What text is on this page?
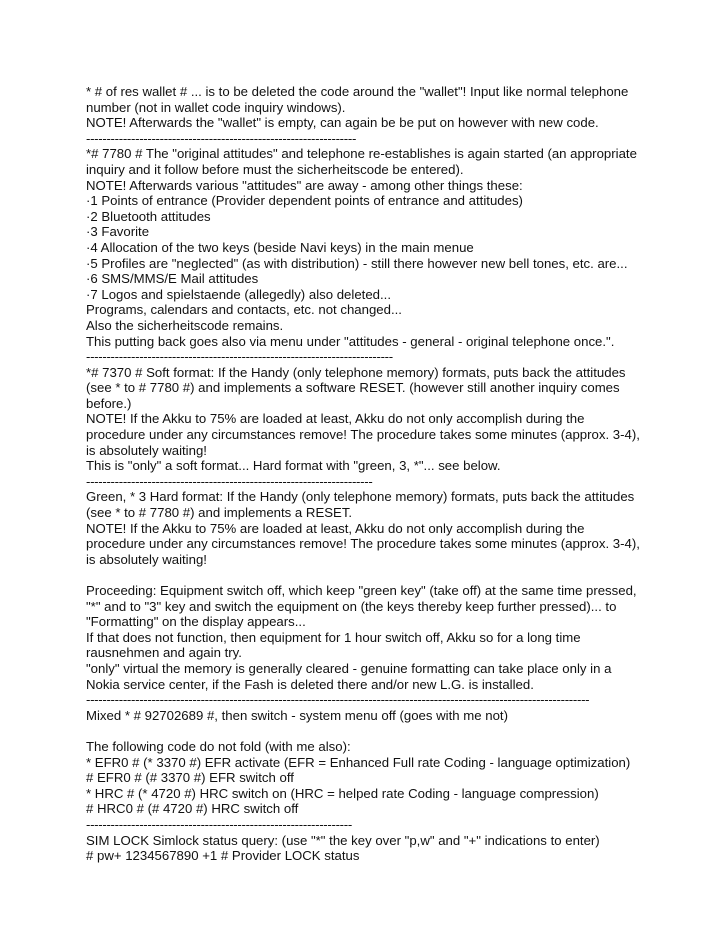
* # of res wallet # ... is to be deleted the code around the "wallet"! Input like normal telephone
number (not in wallet code inquiry windows).
NOTE! Afterwards the "wallet" is empty, can again be be put on however with new code.
------------------------------------------------------------------
*# 7780 # The "original attitudes" and telephone re-establishes is again started (an appropriate
inquiry and it follow before must the sicherheitscode be entered).
NOTE! Afterwards various "attitudes" are away - among other things these:
·1 Points of entrance (Provider dependent points of entrance and attitudes)
·2 Bluetooth attitudes
·3 Favorite
·4 Allocation of the two keys (beside Navi keys) in the main menue
·5 Profiles are "neglected" (as with distribution) - still there however new bell tones, etc. are...
·6 SMS/MMS/E Mail attitudes
·7 Logos and spielstaende (allegedly) also deleted...
Programs, calendars and contacts, etc. not changed...
Also the sicherheitscode remains.
This putting back goes also via menu under "attitudes - general - original telephone once.".
---------------------------------------------------------------------------
*# 7370 # Soft format: If the Handy (only telephone memory) formats, puts back the attitudes
(see * to # 7780 #) and implements a software RESET. (however still another inquiry comes
before.)
NOTE! If the Akku to 75% are loaded at least, Akku do not only accomplish during the
procedure under any circumstances remove! The procedure takes some minutes (approx. 3-4),
is absolutely waiting!
This is "only" a soft format... Hard format with "green, 3, *"... see below.
----------------------------------------------------------------------
Green, * 3 Hard format: If the Handy (only telephone memory) formats, puts back the attitudes
(see * to # 7780 #) and implements a RESET.
NOTE! If the Akku to 75% are loaded at least, Akku do not only accomplish during the
procedure under any circumstances remove! The procedure takes some minutes (approx. 3-4),
is absolutely waiting!
Proceeding: Equipment switch off, which keep "green key" (take off) at the same time pressed,
"*" and to "3" key and switch the equipment on (the keys thereby keep further pressed)... to
"Formatting" on the display appears...
If that does not function, then equipment for 1 hour switch off, Akku so for a long time
rausnehmen and again try.
"only" virtual the memory is generally cleared - genuine formatting can take place only in a
Nokia service center, if the Fash is deleted there and/or new L.G. is installed.
---------------------------------------------------------------------------------------------------------------------------
Mixed * # 92702689 #, then switch - system menu off (goes with me not)
The following code do not fold (with me also):
* EFR0 # (* 3370 #) EFR activate (EFR = Enhanced Full rate Coding - language optimization)
# EFR0 # (# 3370 #) EFR switch off
* HRC # (* 4720 #) HRC switch on (HRC = helped rate Coding - language compression)
# HRC0 # (# 4720 #) HRC switch off
-----------------------------------------------------------------
SIM LOCK Simlock status query: (use "*" the key over "p,w" and "+" indications to enter)
# pw+ 1234567890 +1 # Provider LOCK status
